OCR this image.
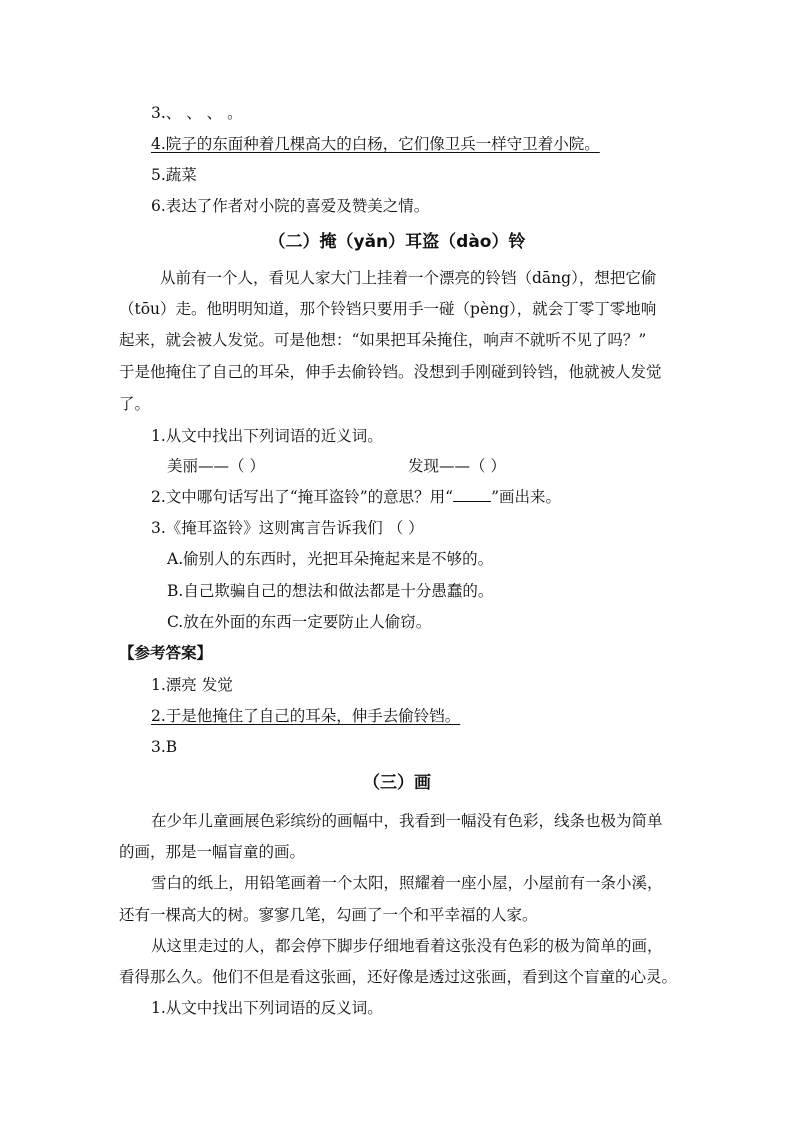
3.、 、 、 。
4.院子的东面种着几棵高大的白杨，它们像卫兵一样守卫着小院。
5.蔬菜
6.表达了作者对小院的喜爱及赞美之情。
（二）掩（yǎn）耳盗（dào）铃
从前有一个人，看见人家大门上挂着一个漂亮的铃铛（dāng），想把它偷
（tōu）走。他明明知道，那个铃铛只要用手一碰（pèng），就会丁零丁零地响
起来，就会被人发觉。可是他想：“如果把耳朵掩住，响声不就听不见了吗？”
于是他掩住了自己的耳朵，伸手去偷铃铛。没想到手刚碰到铃铛，他就被人发觉
了。
1.从文中找出下列词语的近义词。
美丽——（ ）	发现——（ ）
2.文中哪句话写出了“掩耳盗铃”的意思？用“ ”画出来。
3.《掩耳盗铃》这则寓言告诉我们 （ ）
A.偷别人的东西时，光把耳朵掩起来是不够的。
B.自己欺骗自己的想法和做法都是十分愚蠢的。
C.放在外面的东西一定要防止人偷窃。
【参考答案】
1.漂亮 发觉
2.于是他掩住了自己的耳朵，伸手去偷铃铛。
3.B
（三）画
在少年儿童画展色彩缤纷的画幅中，我看到一幅没有色彩，线条也极为简单
的画，那是一幅盲童的画。
雪白的纸上，用铅笔画着一个太阳，照耀着一座小屋，小屋前有一条小溪，
还有一棵高大的树。寥寥几笔，勾画了一个和平幸福的人家。
从这里走过的人，都会停下脚步仔细地看着这张没有色彩的极为简单的画，
看得那么久。他们不但是看这张画，还好像是透过这张画，看到这个盲童的心灵。
1.从文中找出下列词语的反义词。
